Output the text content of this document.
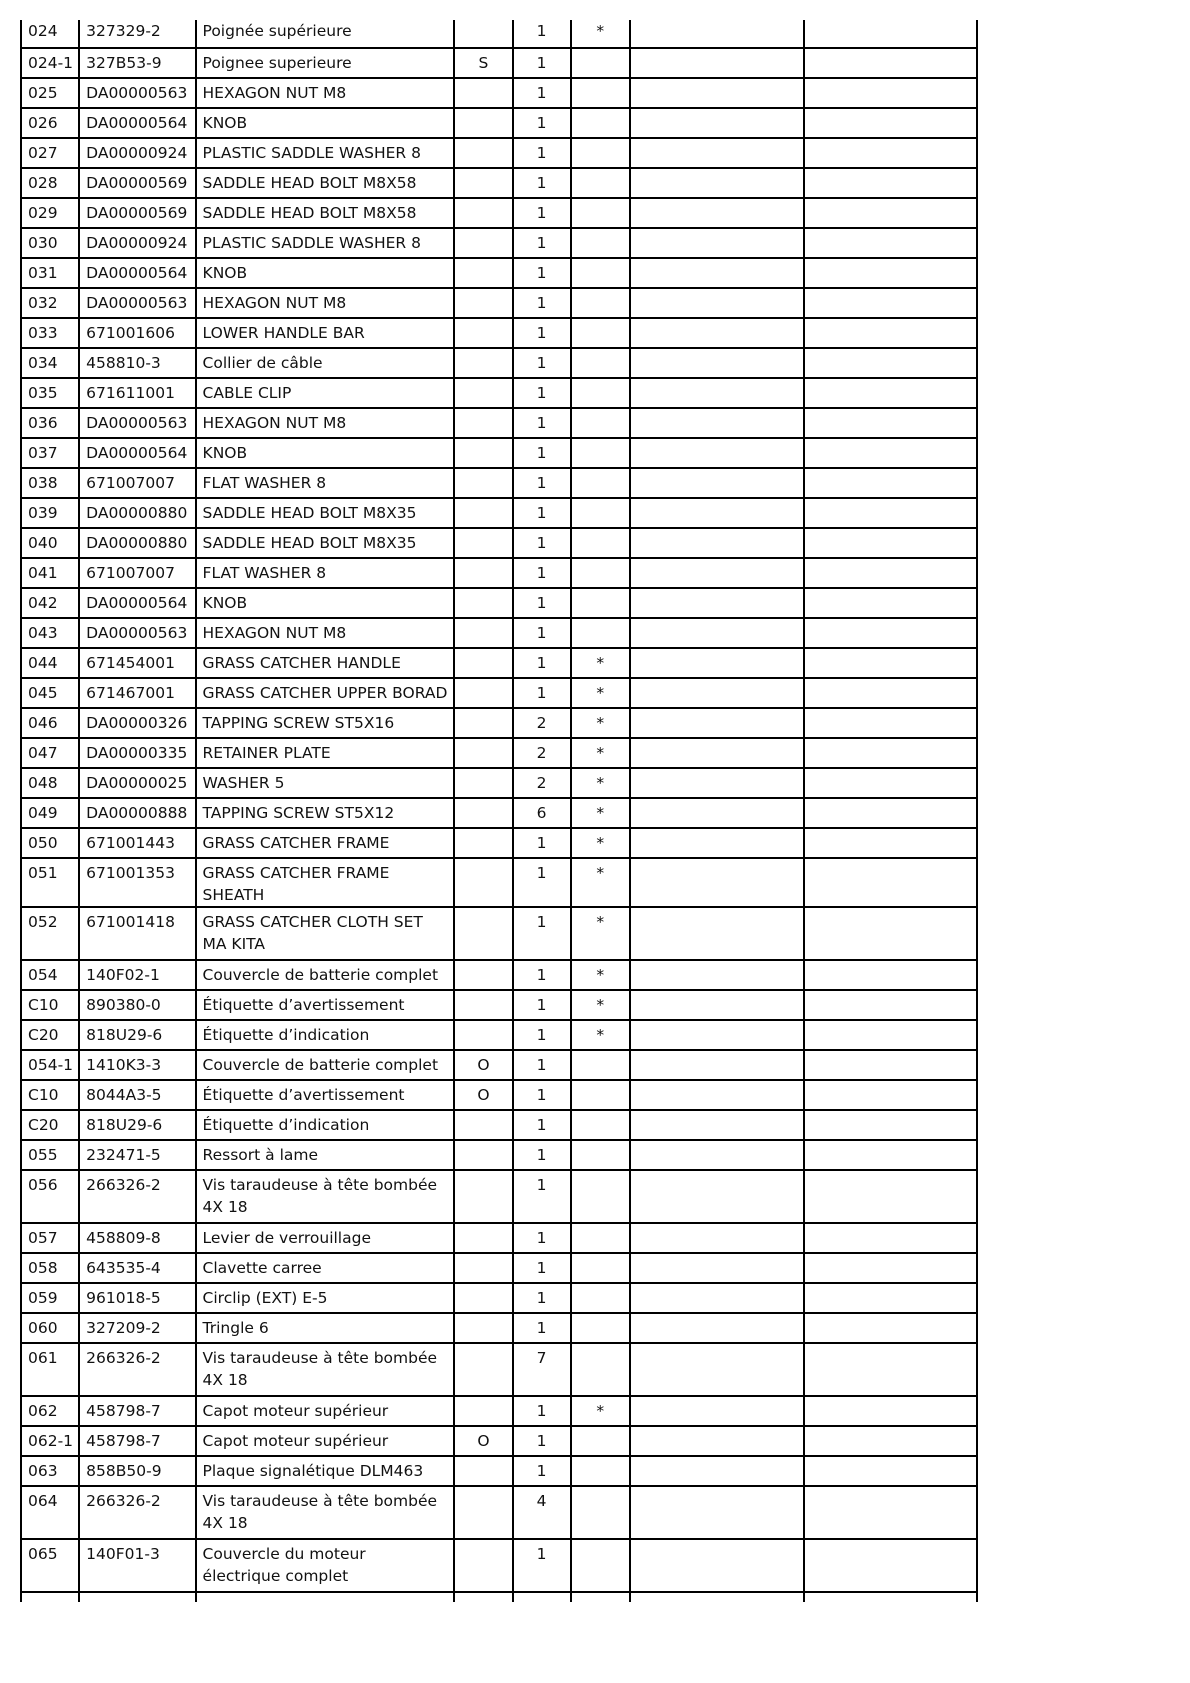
024	327329-2	Poignée supérieure		1	*		

024-1	327B53-9	Poignee superieure	S	1			

025	DA00000563	HEXAGON NUT M8		1			

026	DA00000564	KNOB		1			

027	DA00000924	PLASTIC SADDLE WASHER 8		1			

028	DA00000569	SADDLE HEAD BOLT M8X58		1			

029	DA00000569	SADDLE HEAD BOLT M8X58		1			

030	DA00000924	PLASTIC SADDLE WASHER 8		1			

031	DA00000564	KNOB		1			

032	DA00000563	HEXAGON NUT M8		1			

033	671001606	LOWER HANDLE BAR		1			

034	458810-3	Collier de câble		1			

035	671611001	CABLE CLIP		1			

036	DA00000563	HEXAGON NUT M8		1			

037	DA00000564	KNOB		1			

038	671007007	FLAT WASHER 8		1			

039	DA00000880	SADDLE HEAD BOLT M8X35		1			

040	DA00000880	SADDLE HEAD BOLT M8X35		1			

041	671007007	FLAT WASHER 8		1			

042	DA00000564	KNOB		1			

043	DA00000563	HEXAGON NUT M8		1			

044	671454001	GRASS CATCHER HANDLE		1	*		

045	671467001	GRASS CATCHER UPPER BORAD		1	*		

046	DA00000326	TAPPING SCREW ST5X16		2	*		

047	DA00000335	RETAINER PLATE		2	*		

048	DA00000025	WASHER 5		2	*		

049	DA00000888	TAPPING SCREW ST5X12		6	*		

050	671001443	GRASS CATCHER FRAME		1	*		

051	671001353	GRASS CATCHER FRAME SHEATH		1	*		

052	671001418	GRASS CATCHER CLOTH SET MA KITA		1	*		

054	140F02-1	Couvercle de batterie complet		1	*		

C10	890380-0	Étiquette d’avertissement		1	*		

C20	818U29-6	Étiquette d’indication		1	*		

054-1	1410K3-3	Couvercle de batterie complet	O	1			

C10	8044A3-5	Étiquette d’avertissement	O	1			

C20	818U29-6	Étiquette d’indication		1			

055	232471-5	Ressort à lame		1			

056	266326-2	Vis taraudeuse à tête bombée 4X 18		1			

057	458809-8	Levier de verrouillage		1			

058	643535-4	Clavette carree		1			

059	961018-5	Circlip (EXT) E-5		1			

060	327209-2	Tringle 6		1			

061	266326-2	Vis taraudeuse à tête bombée 4X 18		7			

062	458798-7	Capot moteur supérieur		1	*		

062-1	458798-7	Capot moteur supérieur	O	1			

063	858B50-9	Plaque signalétique DLM463		1			

064	266326-2	Vis taraudeuse à tête bombée 4X 18		4			

065	140F01-3	Couvercle du moteur électrique complet		1			
